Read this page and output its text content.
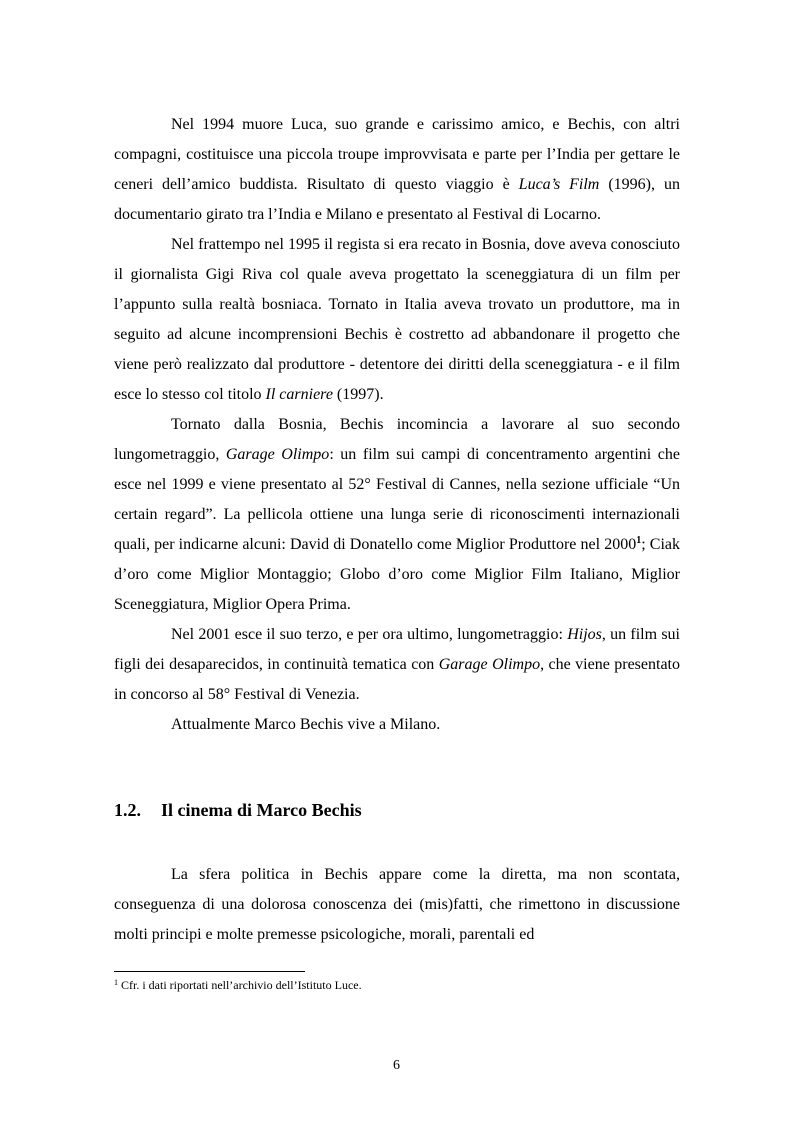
Nel 1994 muore Luca, suo grande e carissimo amico, e Bechis, con altri compagni, costituisce una piccola troupe improvvisata e parte per l’India per gettare le ceneri dell’amico buddista. Risultato di questo viaggio è Luca’s Film (1996), un documentario girato tra l’India e Milano e presentato al Festival di Locarno.

Nel frattempo nel 1995 il regista si era recato in Bosnia, dove aveva conosciuto il giornalista Gigi Riva col quale aveva progettato la sceneggiatura di un film per l’appunto sulla realtà bosniaca. Tornato in Italia aveva trovato un produttore, ma in seguito ad alcune incomprensioni Bechis è costretto ad abbandonare il progetto che viene però realizzato dal produttore - detentore dei diritti della sceneggiatura - e il film esce lo stesso col titolo Il carniere (1997).

Tornato dalla Bosnia, Bechis incomincia a lavorare al suo secondo lungometraggio, Garage Olimpo: un film sui campi di concentramento argentini che esce nel 1999 e viene presentato al 52° Festival di Cannes, nella sezione ufficiale “Un certain regard”. La pellicola ottiene una lunga serie di riconoscimenti internazionali quali, per indicarne alcuni: David di Donatello come Miglior Produttore nel 2000$^1$; Ciak d’oro come Miglior Montaggio; Globo d’oro come Miglior Film Italiano, Miglior Sceneggiatura, Miglior Opera Prima.

Nel 2001 esce il suo terzo, e per ora ultimo, lungometraggio: Hijos, un film sui figli dei desaparecidos, in continuità tematica con Garage Olimpo, che viene presentato in concorso al 58° Festival di Venezia.

Attualmente Marco Bechis vive a Milano.

1.2. Il cinema di Marco Bechis

La sfera politica in Bechis appare come la diretta, ma non scontata, conseguenza di una dolorosa conoscenza dei (mis)fatti, che rimettono in discussione molti principi e molte premesse psicologiche, morali, parentali ed

$^1$ Cfr. i dati riportati nell’archivio dell’Istituto Luce.
6
